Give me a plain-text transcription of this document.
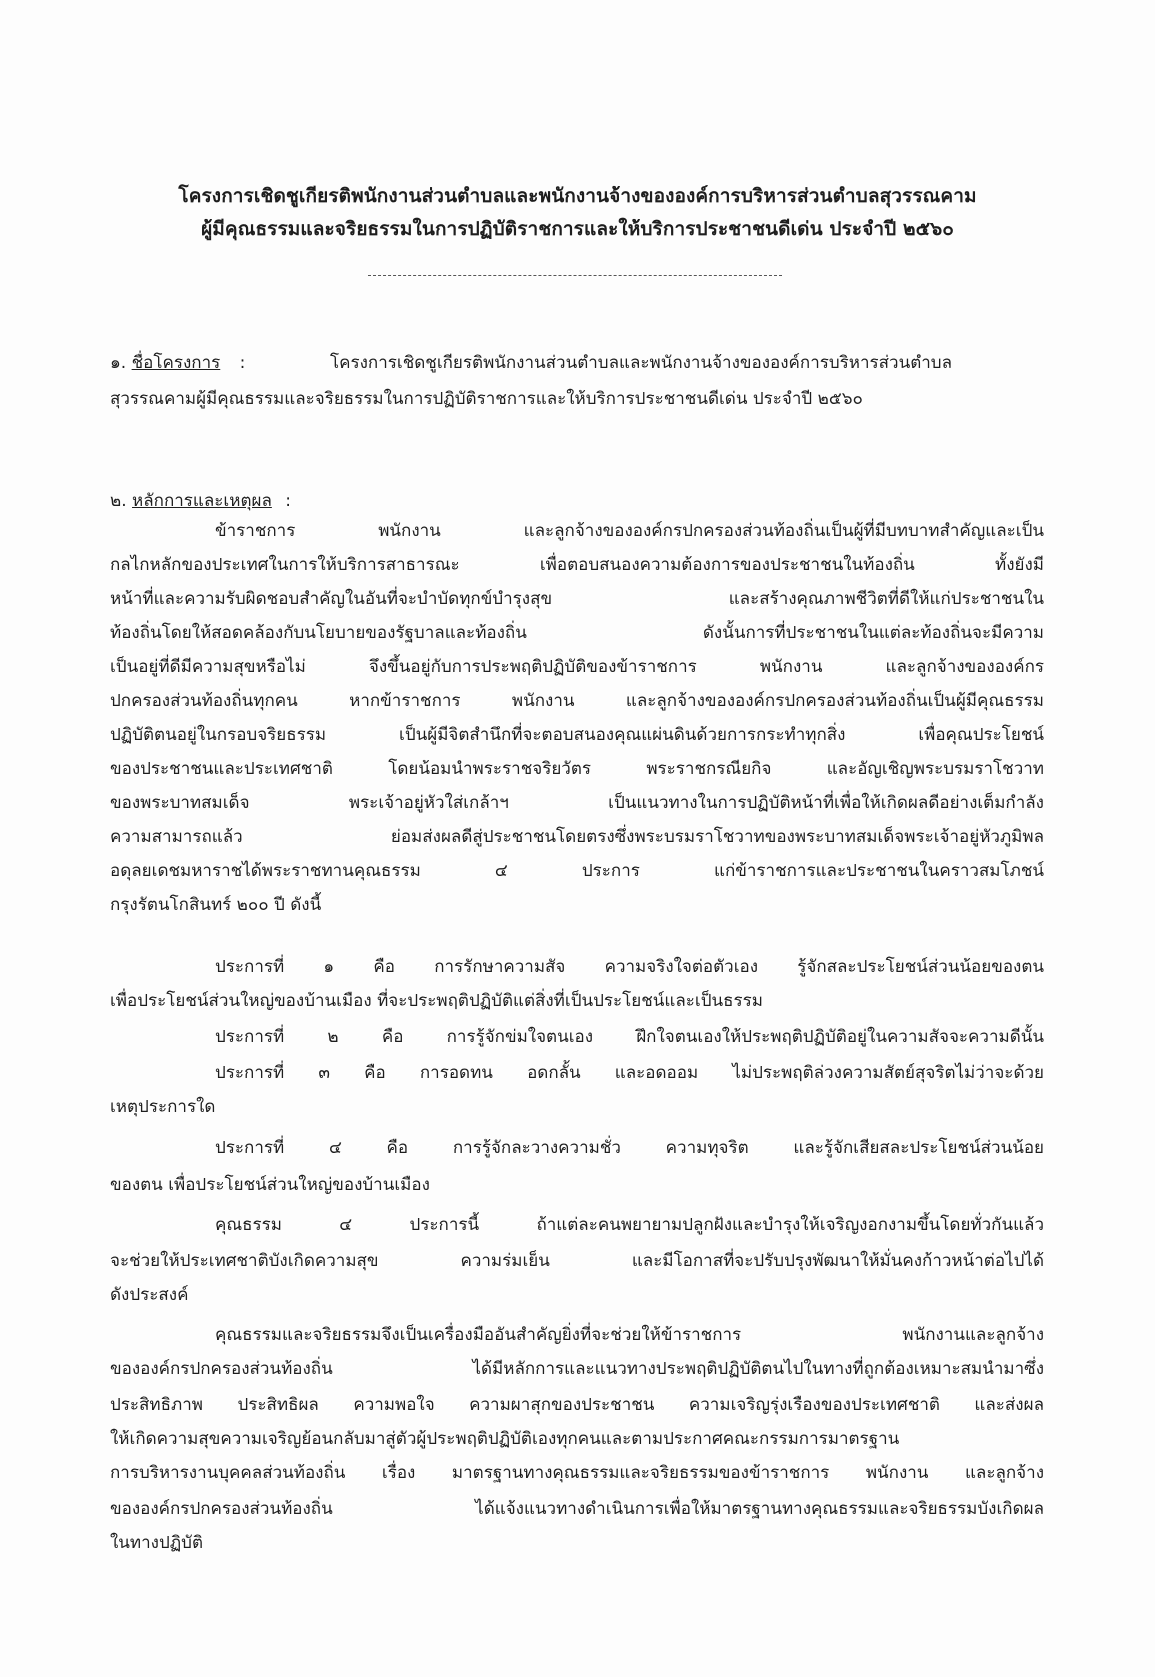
โครงการเชิดชูเกียรติพนักงานส่วนตำบลและพนักงานจ้างขององค์การบริหารส่วนตำบลสุวรรณคาม
ผู้มีคุณธรรมและจริยธรรมในการปฏิบัติราชการและให้บริการประชาชนดีเด่น ประจำปี ๒๕๖๐
๑. ชื่อโครงการ :	โครงการเชิดชูเกียรติพนักงานส่วนตำบลและพนักงานจ้างขององค์การบริหารส่วนตำบล
สุวรรณคามผู้มีคุณธรรมและจริยธรรมในการปฏิบัติราชการและให้บริการประชาชนดีเด่น ประจำปี ๒๕๖๐
๒. หลักการและเหตุผล :
ข้าราชการ พนักงาน และลูกจ้างขององค์กรปกครองส่วนท้องถิ่นเป็นผู้ที่มีบทบาทสำคัญและเป็น
กลไกหลักของประเทศในการให้บริการสาธารณะ เพื่อตอบสนองความต้องการของประชาชนในท้องถิ่น ทั้งยังมี
หน้าที่และความรับผิดชอบสำคัญในอันที่จะบำบัดทุกข์บำรุงสุข และสร้างคุณภาพชีวิตที่ดีให้แก่ประชาชนใน
ท้องถิ่นโดยให้สอดคล้องกับนโยบายของรัฐบาลและท้องถิ่น ดังนั้นการที่ประชาชนในแต่ละท้องถิ่นจะมีความ
เป็นอยู่ที่ดีมีความสุขหรือไม่ จึงขึ้นอยู่กับการประพฤติปฏิบัติของข้าราชการ พนักงาน และลูกจ้างขององค์กร
ปกครองส่วนท้องถิ่นทุกคน หากข้าราชการ พนักงาน และลูกจ้างขององค์กรปกครองส่วนท้องถิ่นเป็นผู้มีคุณธรรม
ปฏิบัติตนอยู่ในกรอบจริยธรรม เป็นผู้มีจิตสำนึกที่จะตอบสนองคุณแผ่นดินด้วยการกระทำทุกสิ่ง เพื่อคุณประโยชน์
ของประชาชนและประเทศชาติ โดยน้อมนำพระราชจริยวัตร พระราชกรณียกิจ และอัญเชิญพระบรมราโชวาท
ของพระบาทสมเด็จ พระเจ้าอยู่หัวใส่เกล้าฯ เป็นแนวทางในการปฏิบัติหน้าที่เพื่อให้เกิดผลดีอย่างเต็มกำลัง
ความสามารถแล้ว ย่อมส่งผลดีสู่ประชาชนโดยตรงซึ่งพระบรมราโชวาทของพระบาทสมเด็จพระเจ้าอยู่หัวภูมิพล
อดุลยเดชมหาราชได้พระราชทานคุณธรรม ๔ ประการ แก่ข้าราชการและประชาชนในคราวสมโภชน์
กรุงรัตนโกสินทร์ ๒๐๐ ปี ดังนี้
ประการที่ ๑ คือ การรักษาความสัจ ความจริงใจต่อตัวเอง รู้จักสละประโยชน์ส่วนน้อยของตน
เพื่อประโยชน์ส่วนใหญ่ของบ้านเมือง ที่จะประพฤติปฏิบัติแต่สิ่งที่เป็นประโยชน์และเป็นธรรม
ประการที่ ๒ คือ การรู้จักข่มใจตนเอง ฝึกใจตนเองให้ประพฤติปฏิบัติอยู่ในความสัจจะความดีนั้น
ประการที่ ๓ คือ การอดทน อดกลั้น และอดออม ไม่ประพฤติล่วงความสัตย์สุจริตไม่ว่าจะด้วย
เหตุประการใด
ประการที่ ๔ คือ การรู้จักละวางความชั่ว ความทุจริต และรู้จักเสียสละประโยชน์ส่วนน้อย
ของตน เพื่อประโยชน์ส่วนใหญ่ของบ้านเมือง
คุณธรรม ๔ ประการนี้ ถ้าแต่ละคนพยายามปลูกฝังและบำรุงให้เจริญงอกงามขึ้นโดยทั่วกันแล้ว
จะช่วยให้ประเทศชาติบังเกิดความสุข ความร่มเย็น และมีโอกาสที่จะปรับปรุงพัฒนาให้มั่นคงก้าวหน้าต่อไปได้
ดังประสงค์
คุณธรรมและจริยธรรมจึงเป็นเครื่องมืออันสำคัญยิ่งที่จะช่วยให้ข้าราชการ พนักงานและลูกจ้าง
ขององค์กรปกครองส่วนท้องถิ่น ได้มีหลักการและแนวทางประพฤติปฏิบัติตนไปในทางที่ถูกต้องเหมาะสมนำมาซึ่ง
ประสิทธิภาพ ประสิทธิผล ความพอใจ ความผาสุกของประชาชน ความเจริญรุ่งเรืองของประเทศชาติ และส่งผล
ให้เกิดความสุขความเจริญย้อนกลับมาสู่ตัวผู้ประพฤติปฏิบัติเองทุกคนและตามประกาศคณะกรรมการมาตรฐาน
การบริหารงานบุคคลส่วนท้องถิ่น เรื่อง มาตรฐานทางคุณธรรมและจริยธรรมของข้าราชการ พนักงาน และลูกจ้าง
ขององค์กรปกครองส่วนท้องถิ่น ได้แจ้งแนวทางดำเนินการเพื่อให้มาตรฐานทางคุณธรรมและจริยธรรมบังเกิดผล
ในทางปฏิบัติ
